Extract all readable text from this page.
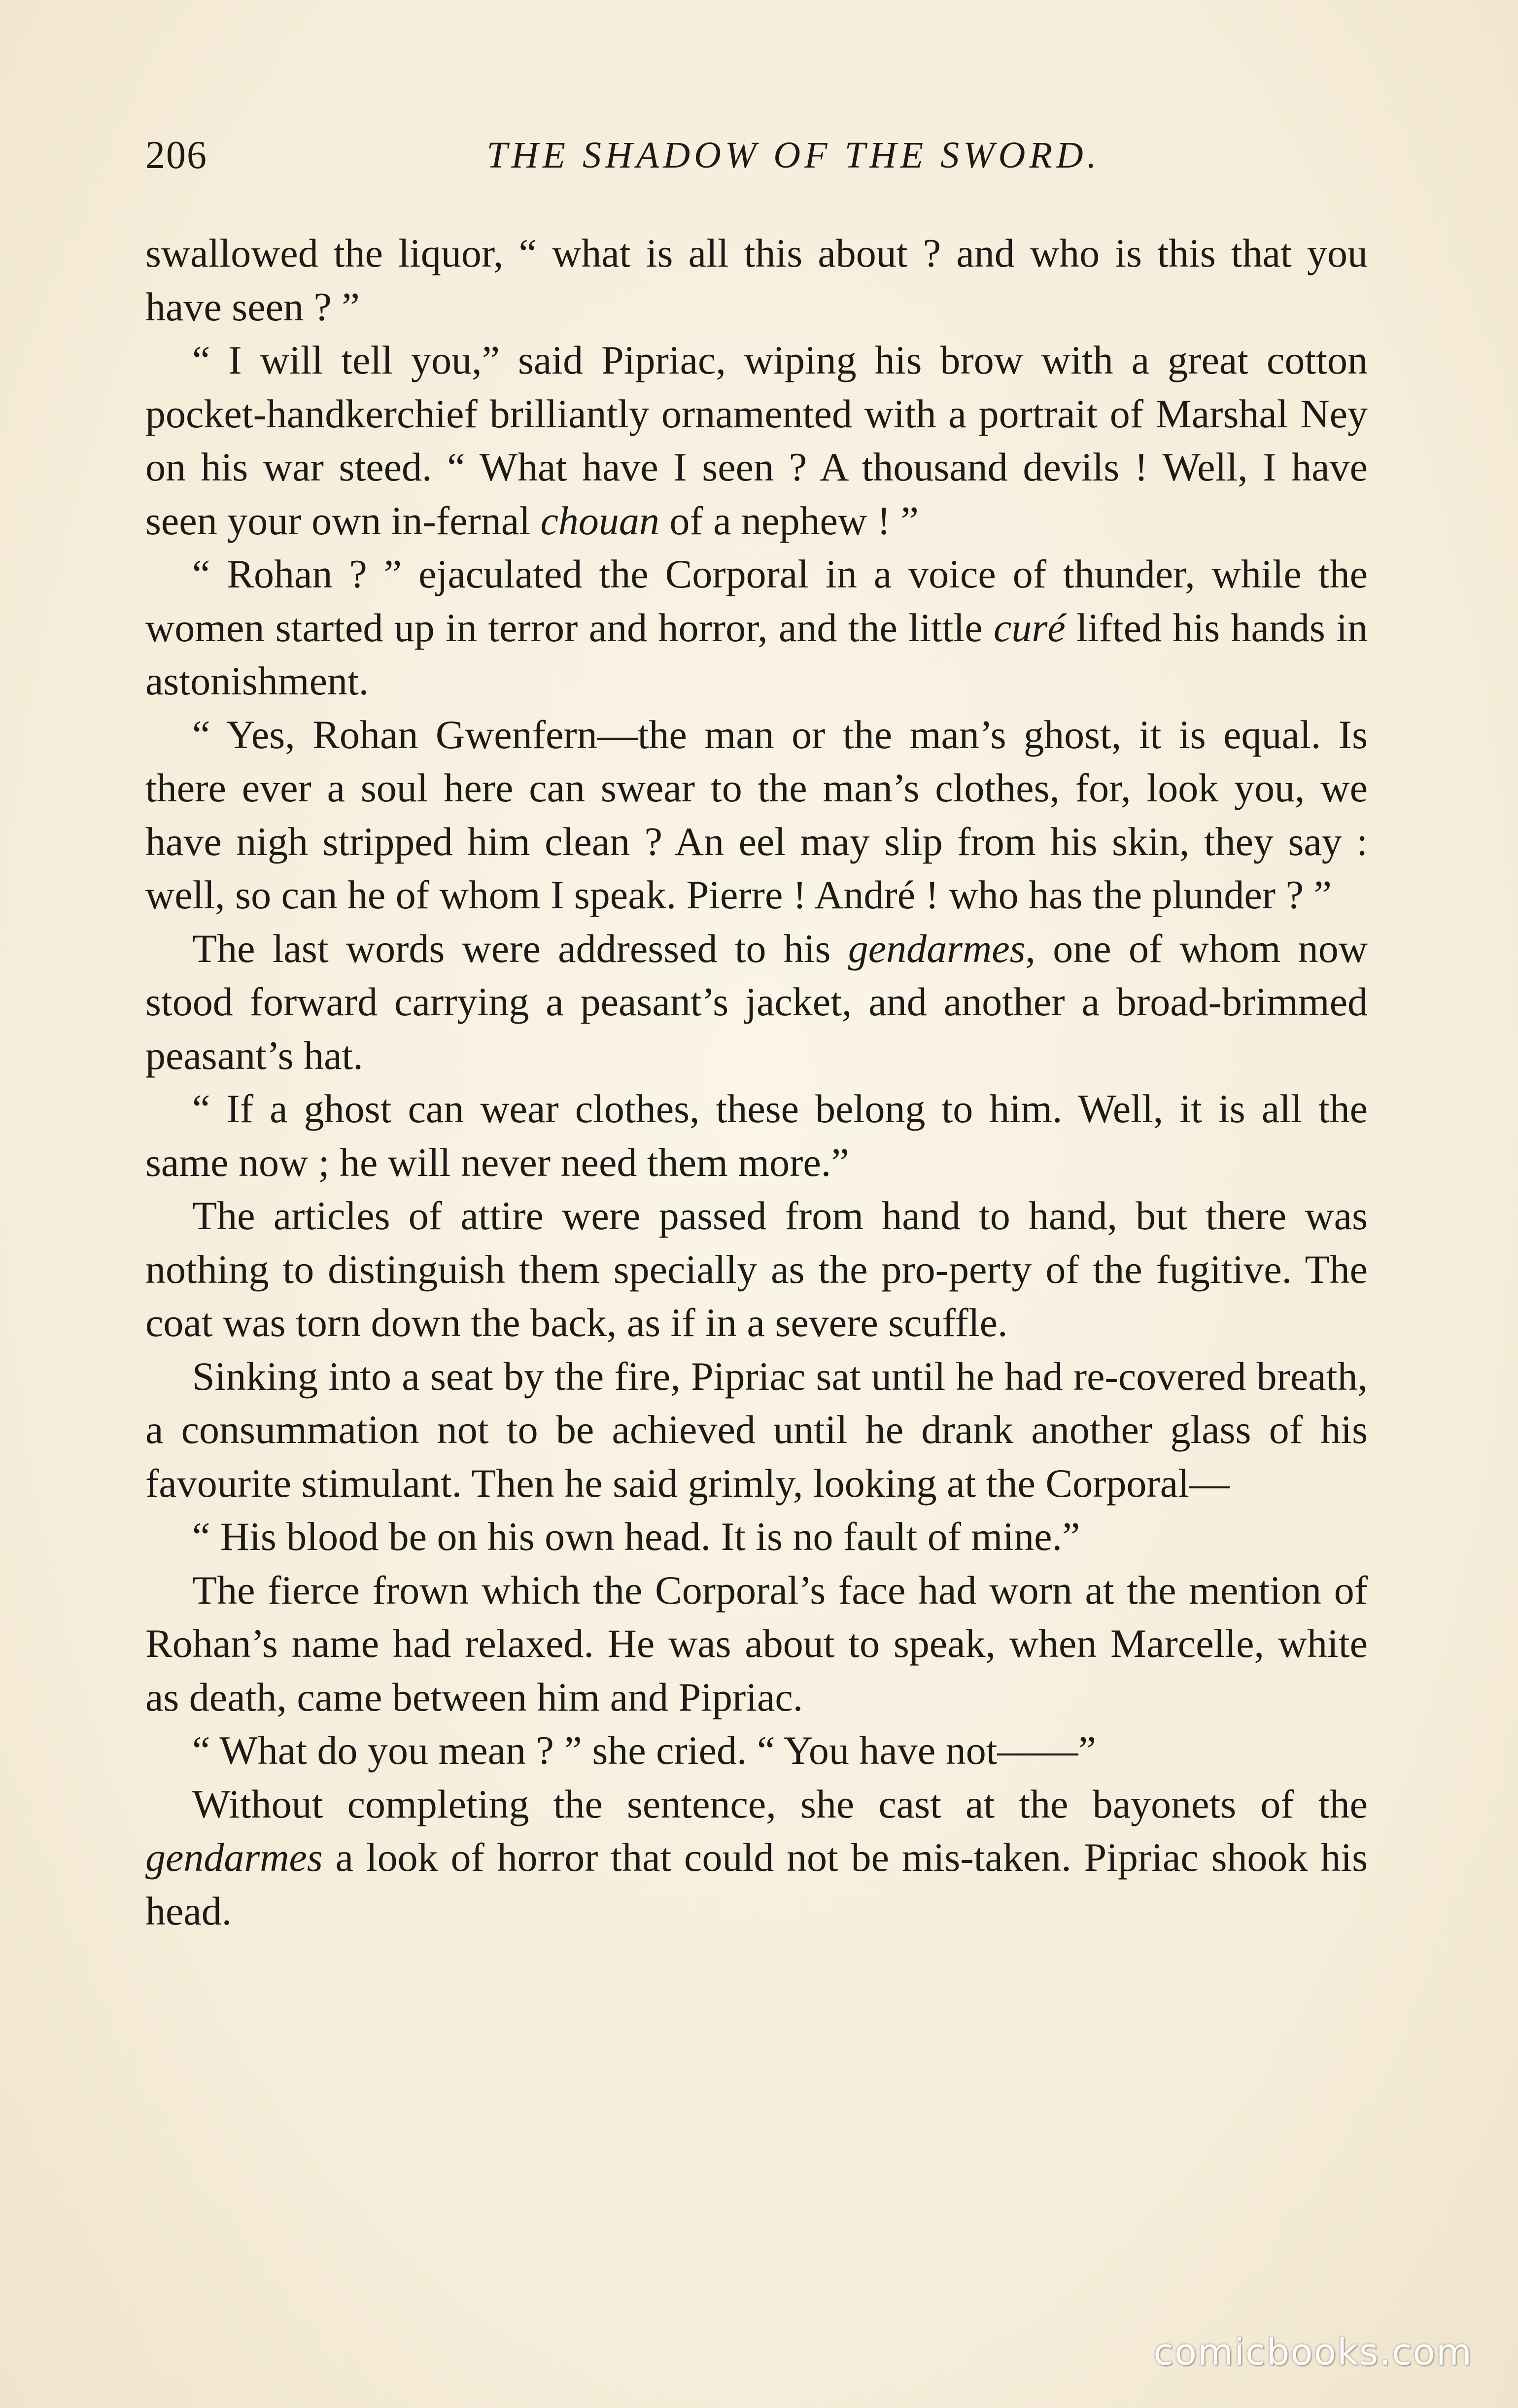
206	THE SHADOW OF THE SWORD.

swallowed the liquor, “ what is all this about ? and who is this that you have seen ? ”

“ I will tell you,” said Pipriac, wiping his brow with a great cotton pocket-handkerchief brilliantly ornamented with a portrait of Marshal Ney on his war steed. “ What have I seen ? A thousand devils ! Well, I have seen your own in-fernal chouan of a nephew ! ”

“ Rohan ? ” ejaculated the Corporal in a voice of thunder, while the women started up in terror and horror, and the little curé lifted his hands in astonishment.

“ Yes, Rohan Gwenfern—the man or the man’s ghost, it is equal. Is there ever a soul here can swear to the man’s clothes, for, look you, we have nigh stripped him clean ? An eel may slip from his skin, they say : well, so can he of whom I speak. Pierre ! André ! who has the plunder ? ”

The last words were addressed to his gendarmes, one of whom now stood forward carrying a peasant’s jacket, and another a broad-brimmed peasant’s hat.

“ If a ghost can wear clothes, these belong to him. Well, it is all the same now ; he will never need them more.”

The articles of attire were passed from hand to hand, but there was nothing to distinguish them specially as the pro-perty of the fugitive. The coat was torn down the back, as if in a severe scuffle.

Sinking into a seat by the fire, Pipriac sat until he had re-covered breath, a consummation not to be achieved until he drank another glass of his favourite stimulant. Then he said grimly, looking at the Corporal—

“ His blood be on his own head. It is no fault of mine.”

The fierce frown which the Corporal’s face had worn at the mention of Rohan’s name had relaxed. He was about to speak, when Marcelle, white as death, came between him and Pipriac.

“ What do you mean ? ” she cried. “ You have not——”

Without completing the sentence, she cast at the bayonets of the gendarmes a look of horror that could not be mis-taken. Pipriac shook his head.

comicbooks.com
